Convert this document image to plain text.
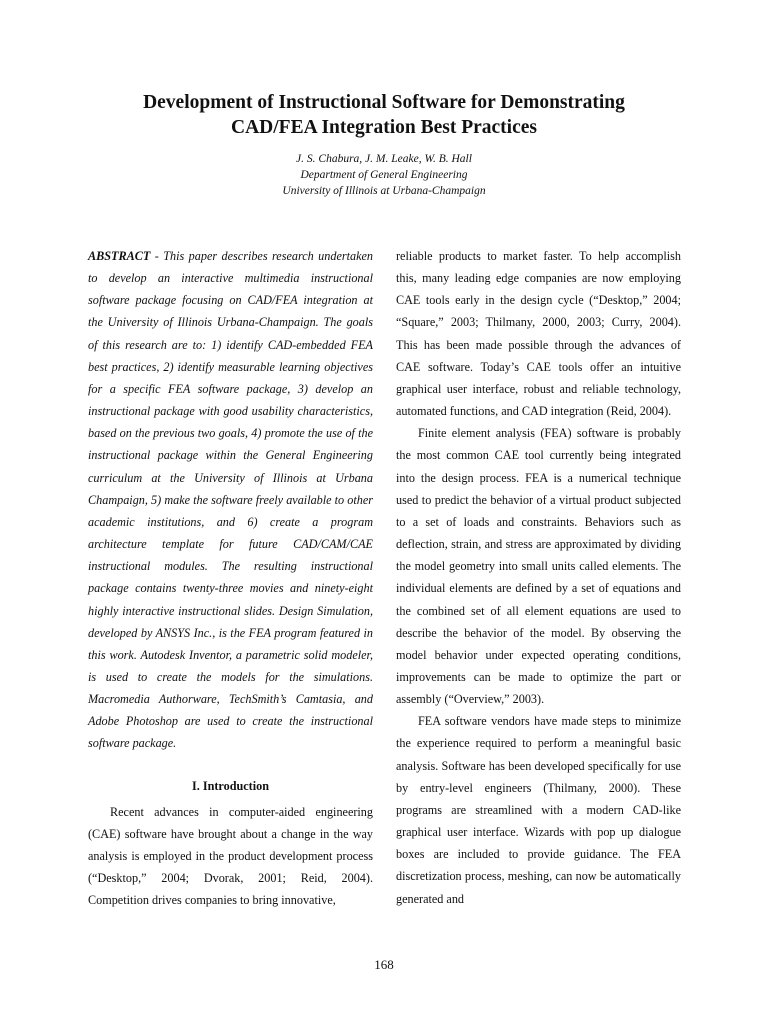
Development of Instructional Software for Demonstrating
CAD/FEA Integration Best Practices
J. S. Chabura, J. M. Leake, W. B. Hall
Department of General Engineering
University of Illinois at Urbana-Champaign

ABSTRACT - This paper describes research undertaken to develop an interactive multimedia instructional software package focusing on CAD/FEA integration at the University of Illinois Urbana-Champaign. The goals of this research are to: 1) identify CAD-embedded FEA best practices, 2) identify measurable learning objectives for a specific FEA software package, 3) develop an instructional package with good usability characteristics, based on the previous two goals, 4) promote the use of the instructional package within the General Engineering curriculum at the University of Illinois at Urbana Champaign, 5) make the software freely available to other academic institutions, and 6) create a program architecture template for future CAD/CAM/CAE instructional modules. The resulting instructional package contains twenty-three movies and ninety-eight highly interactive instructional slides. Design Simulation, developed by ANSYS Inc., is the FEA program featured in this work. Autodesk Inventor, a parametric solid modeler, is used to create the models for the simulations. Macromedia Authorware, TechSmith’s Camtasia, and Adobe Photoshop are used to create the instructional software package.

I. Introduction

Recent advances in computer-aided engineering (CAE) software have brought about a change in the way analysis is employed in the product development process (“Desktop,” 2004; Dvorak, 2001; Reid, 2004). Competition drives companies to bring innovative,

reliable products to market faster. To help accomplish this, many leading edge companies are now employing CAE tools early in the design cycle (“Desktop,” 2004; “Square,” 2003; Thilmany, 2000, 2003; Curry, 2004). This has been made possible through the advances of CAE software. Today’s CAE tools offer an intuitive graphical user interface, robust and reliable technology, automated functions, and CAD integration (Reid, 2004).

Finite element analysis (FEA) software is probably the most common CAE tool currently being integrated into the design process. FEA is a numerical technique used to predict the behavior of a virtual product subjected to a set of loads and constraints. Behaviors such as deflection, strain, and stress are approximated by dividing the model geometry into small units called elements. The individual elements are defined by a set of equations and the combined set of all element equations are used to describe the behavior of the model. By observing the model behavior under expected operating conditions, improvements can be made to optimize the part or assembly (“Overview,” 2003).

FEA software vendors have made steps to minimize the experience required to perform a meaningful basic analysis. Software has been developed specifically for use by entry-level engineers (Thilmany, 2000). These programs are streamlined with a modern CAD-like graphical user interface. Wizards with pop up dialogue boxes are included to provide guidance. The FEA discretization process, meshing, can now be automatically generated and

168
